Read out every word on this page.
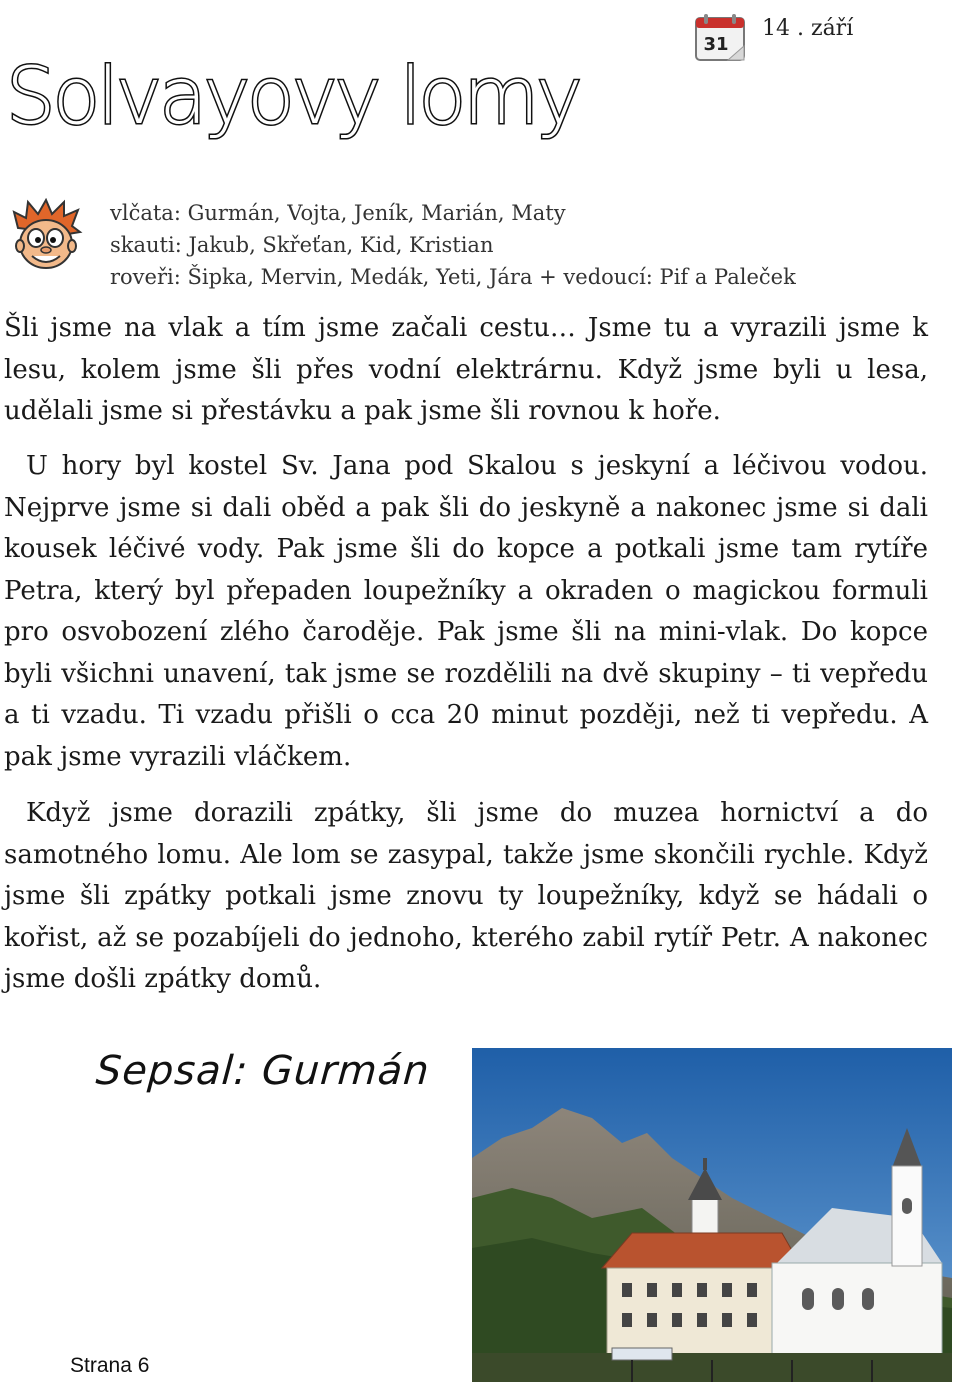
31
14 . září
Solvayovy lomy
vlčata: Gurmán, Vojta, Jeník, Marián, Maty
skauti: Jakub, Skřeťan, Kid, Kristian
roveři: Šipka, Mervin, Medák, Yeti, Jára + vedoucí: Pif a Paleček

Šli jsme na vlak a tím jsme začali cestu… Jsme tu a vyrazili jsme k lesu, kolem jsme šli přes vodní elektrárnu. Když jsme byli u lesa, udělali jsme si přestávku a pak jsme šli rovnou k hoře.

U hory byl kostel Sv. Jana pod Skalou s jeskyní a léčivou vodou. Nejprve jsme si dali oběd a pak šli do jeskyně a nakonec jsme si dali kousek léčivé vody. Pak jsme šli do kopce a potkali jsme tam rytíře Petra, který byl přepaden loupežníky a okraden o magickou formuli pro osvobození zlého čaroděje. Pak jsme šli na mini-vlak. Do kopce byli všichni unavení, tak jsme se rozdělili na dvě skupiny – ti vepředu a ti vzadu. Ti vzadu přišli o cca 20 minut později, než ti vepředu. A pak jsme vyrazili vláčkem.

Když jsme dorazili zpátky, šli jsme do muzea hornictví a do samotného lomu. Ale lom se zasypal, takže jsme skončili rychle. Když jsme šli zpátky potkali jsme znovu ty loupežníky, když se hádali o kořist, až se pozabíjeli do jednoho, kterého zabil rytíř Petr. A nakonec jsme došli zpátky domů.

Sepsal: Gurmán
Strana 6
